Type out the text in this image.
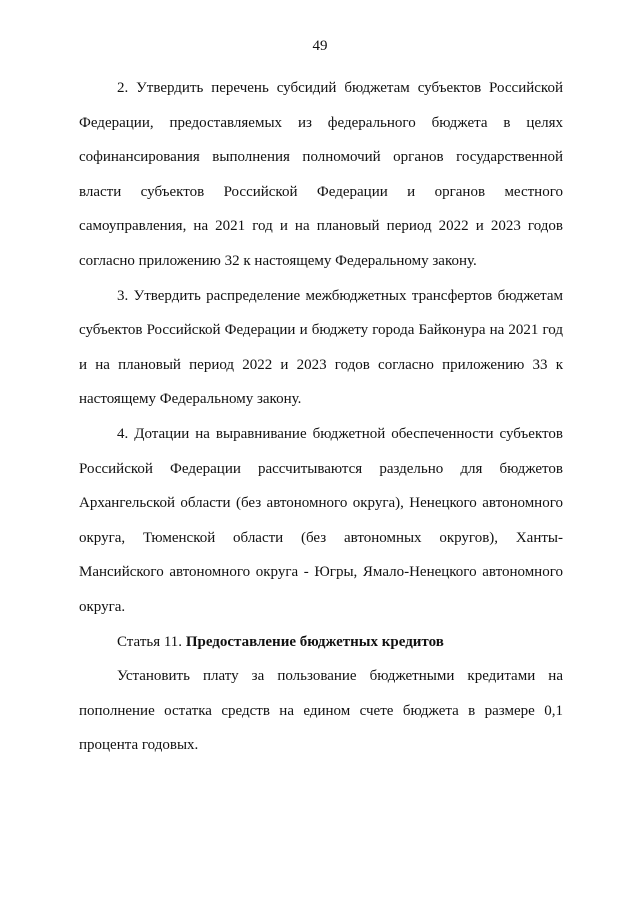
49

2. Утвердить перечень субсидий бюджетам субъектов Российской Федерации, предоставляемых из федерального бюджета в целях софинансирования выполнения полномочий органов государственной власти субъектов Российской Федерации и органов местного самоуправления, на 2021 год и на плановый период 2022 и 2023 годов согласно приложению 32 к настоящему Федеральному закону.

3. Утвердить распределение межбюджетных трансфертов бюджетам субъектов Российской Федерации и бюджету города Байконура на 2021 год и на плановый период 2022 и 2023 годов согласно приложению 33 к настоящему Федеральному закону.

4. Дотации на выравнивание бюджетной обеспеченности субъектов Российской Федерации рассчитываются раздельно для бюджетов Архангельской области (без автономного округа), Ненецкого автономного округа, Тюменской области (без автономных округов), Ханты-Мансийского автономного округа - Югры, Ямало-Ненецкого автономного округа.

Статья 11. Предоставление бюджетных кредитов

Установить плату за пользование бюджетными кредитами на пополнение остатка средств на едином счете бюджета в размере 0,1 процента годовых.
